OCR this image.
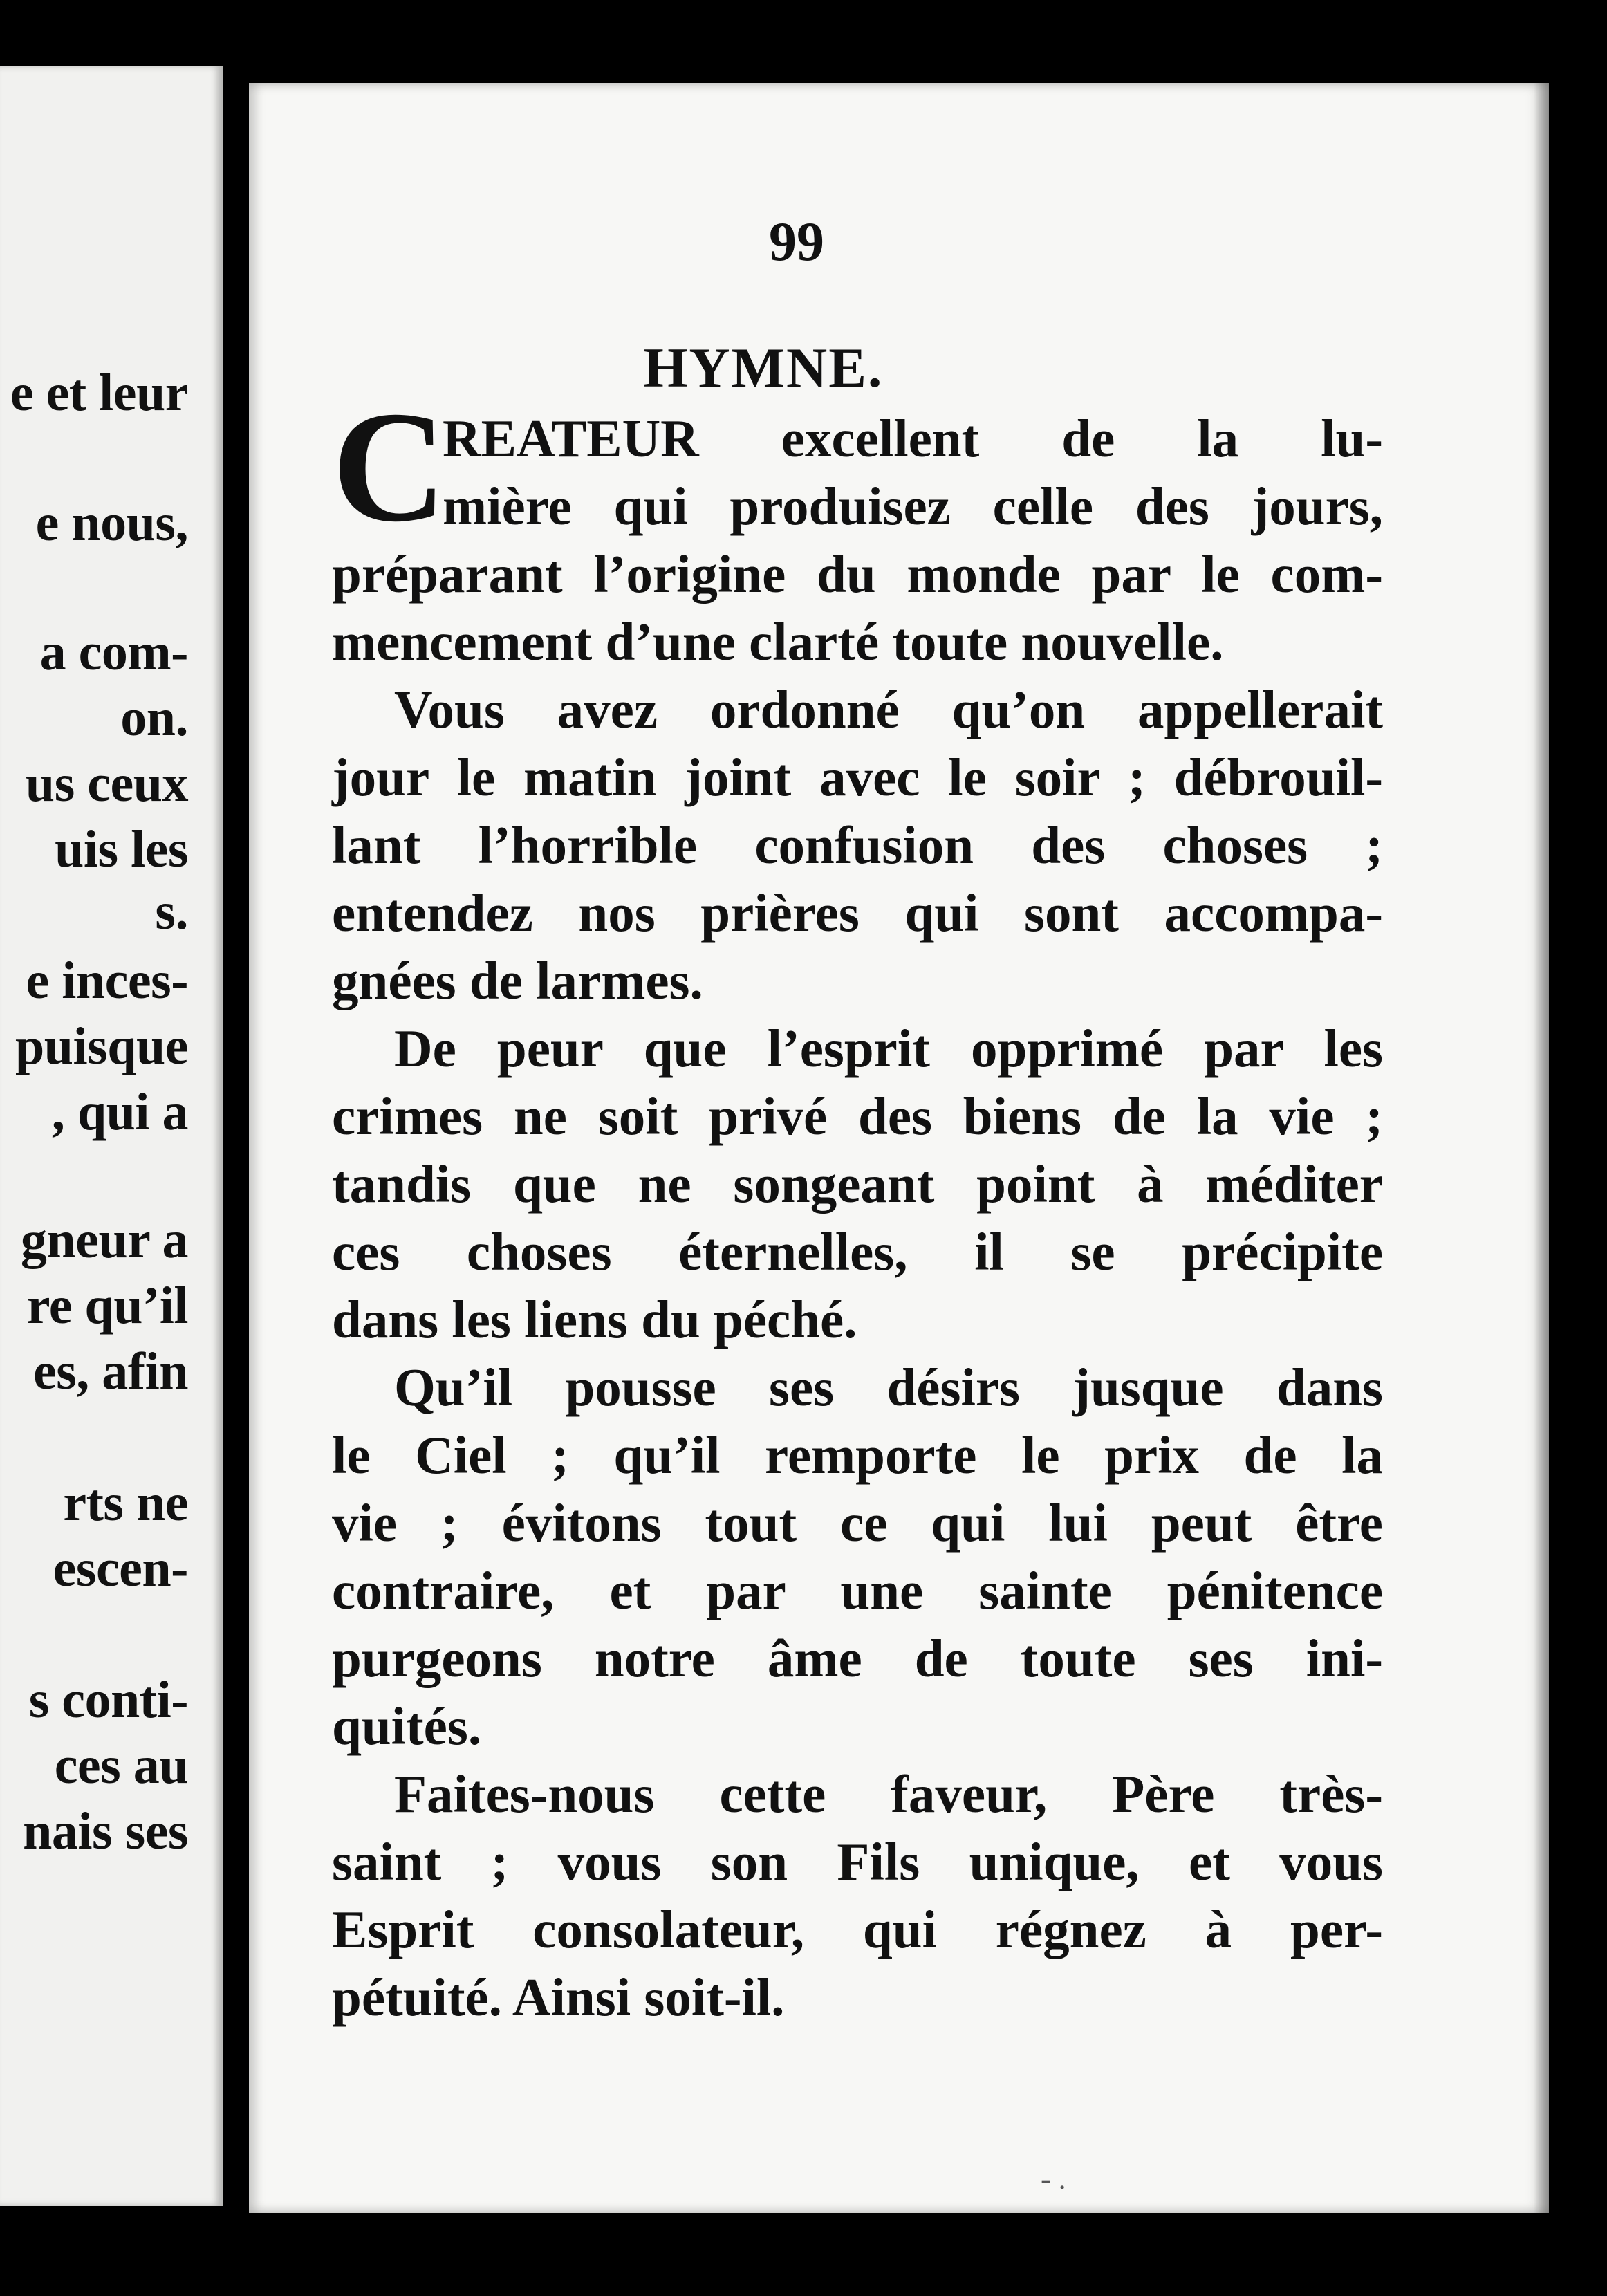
e et leur

e nous,

a com-

on.

us ceux

uis les

s.

e inces-

puisque

, qui a

gneur a

re qu’il

es, afin

rts ne

escen-

s conti-

ces au

nais ses

99

HYMNE.
C
REATEUR excellent de la lu-
mière qui produisez celle des jours,
préparant l’origine du monde par le com-
mencement d’une clarté toute nouvelle.
Vous avez ordonné qu’on appellerait
jour le matin joint avec le soir ; débrouil-
lant l’horrible confusion des choses ;
entendez nos prières qui sont accompa-
gnées de larmes.
De peur que l’esprit opprimé par les
crimes ne soit privé des biens de la vie ;
tandis que ne songeant point à méditer
ces choses éternelles, il se précipite
dans les liens du péché.
Qu’il pousse ses désirs jusque dans
le Ciel ; qu’il remporte le prix de la
vie ; évitons tout ce qui lui peut être
contraire, et par une sainte pénitence
purgeons notre âme de toute ses ini-
quités.
Faites-nous cette faveur, Père très-
saint ; vous son Fils unique, et vous
Esprit consolateur, qui régnez à per-
pétuité. Ainsi soit-il.

- .
